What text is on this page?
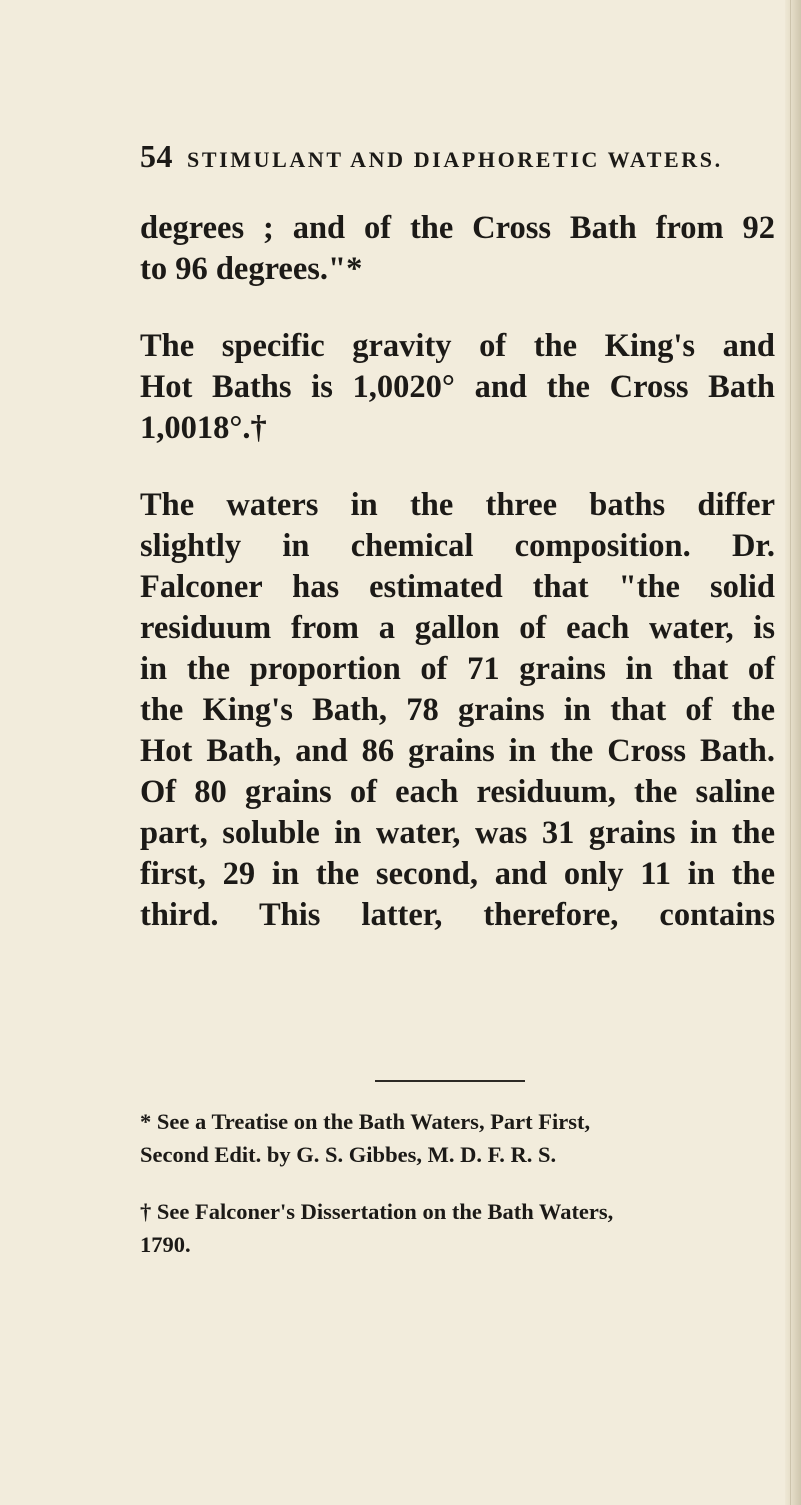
54 STIMULANT AND DIAPHORETIC WATERS.
degrees ; and of the Cross Bath from 92
to 96 degrees."*
The specific gravity of the King's and
Hot Baths is 1,0020° and the Cross Bath
1,0018°.†
The waters in the three baths differ
slightly in chemical composition. Dr.
Falconer has estimated that "the solid
residuum from a gallon of each water, is
in the proportion of 71 grains in that of
the King's Bath, 78 grains in that of the
Hot Bath, and 86 grains in the Cross Bath.
Of 80 grains of each residuum, the saline
part, soluble in water, was 31 grains in the
first, 29 in the second, and only 11 in the
third. This latter, therefore, contains
* See a Treatise on the Bath Waters, Part First,
Second Edit. by G. S. Gibbes, M. D. F. R. S.
† See Falconer's Dissertation on the Bath Waters,
1790.
